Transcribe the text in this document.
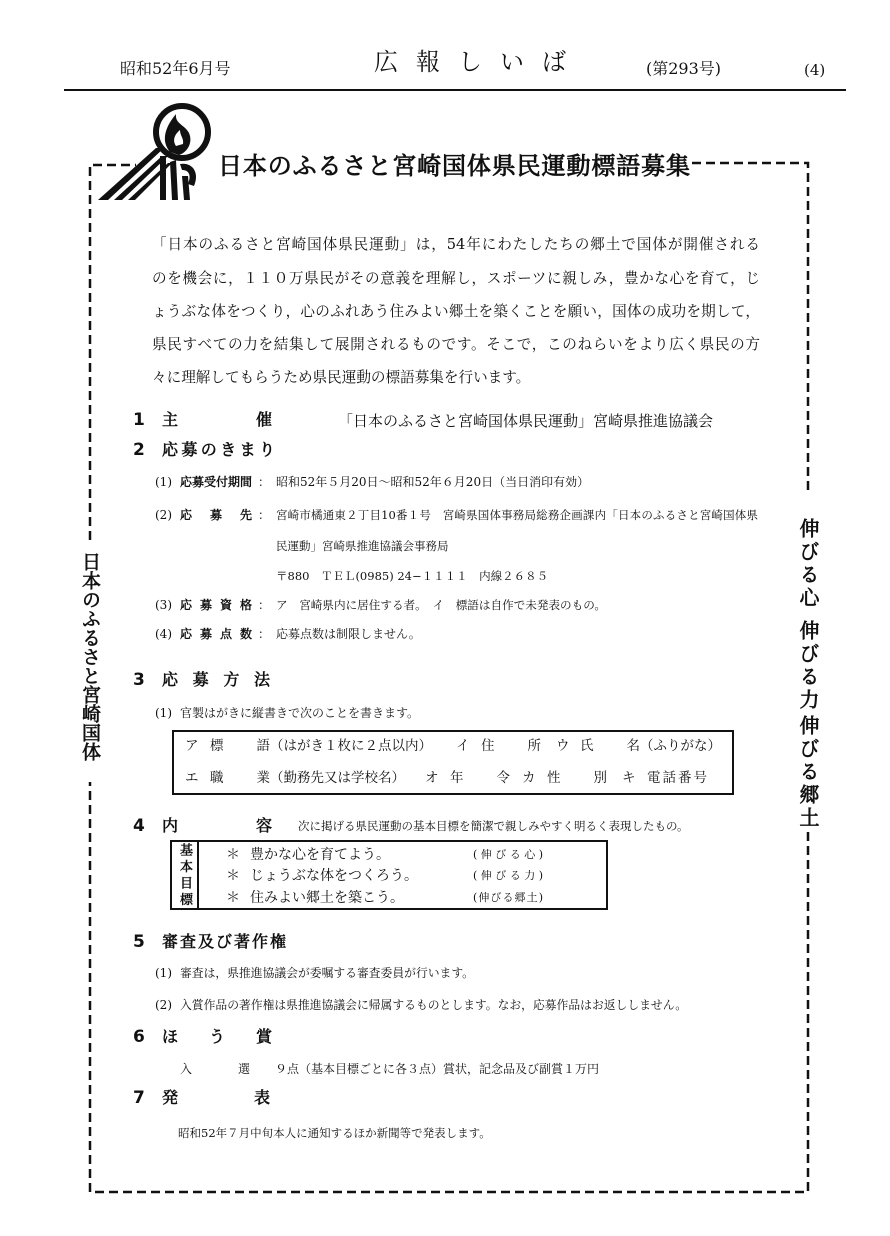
昭和52年6月号	広報しいば	(第293号)	(4)
日本のふるさと宮崎国体県民運動標語募集
「日本のふるさと宮崎国体県民運動」は，54年にわたしたちの郷土で国体が開催される
のを機会に，１１０万県民がその意義を理解し，スポーツに親しみ，豊かな心を育て，じ
ょうぶな体をつくり，心のふれあう住みよい郷土を築くことを願い，国体の成功を期して，
県民すべての力を結集して展開されるものです。そこで，このねらいをより広く県民の方
々に理解してもらうため県民運動の標語募集を行います。
1 主催	「日本のふるさと宮崎国体県民運動」宮崎県推進協議会
2 応募のきまり
(1) 応募受付期間 ： 昭和52年５月20日～昭和52年６月20日（当日消印有効）
(2) 応募先 ： 宮崎市橘通東２丁目10番１号　宮崎県国体事務局総務企画課内「日本のふるさと宮崎国体県
民運動」宮崎県推進協議会事務局
〒880　ＴＥＬ(0985) 24−１１１１　内線２６８５
(3) 応募資格 ： ア　宮崎県内に居住する者。　イ　標語は自作で未発表のもの。
(4) 応募点数 ： 応募点数は制限しません。
3 応募方法
(1) 官製はがきに縦書きで次のことを書きます。
ア 標語 （はがき１枚に２点以内） イ 住所 ウ 氏名 （ふりがな）
エ 職業 （勤務先又は学校名） オ 年令 カ 性別 キ 電話番号
4 内容 次に掲げる県民運動の基本目標を簡潔で親しみやすく明るく表現したもの。
基本目標 ＊ 豊かな心を育てよう。	(伸びる心)
＊ じょうぶな体をつくろう。	(伸びる力)
＊ 住みよい郷土を築こう。	(伸びる郷土)
5 審査及び著作権
(1) 審査は，県推進協議会が委嘱する審査委員が行います。
(2) 入賞作品の著作権は県推進協議会に帰属するものとします。なお，応募作品はお返ししません。
6 ほう賞
入選 ９点（基本目標ごとに各３点）賞状，記念品及び副賞１万円
7 発表
昭和52年７月中旬本人に通知するほか新聞等で発表します。
日本のふるさと宮崎国体	伸びる心
伸びる力
伸びる郷土
